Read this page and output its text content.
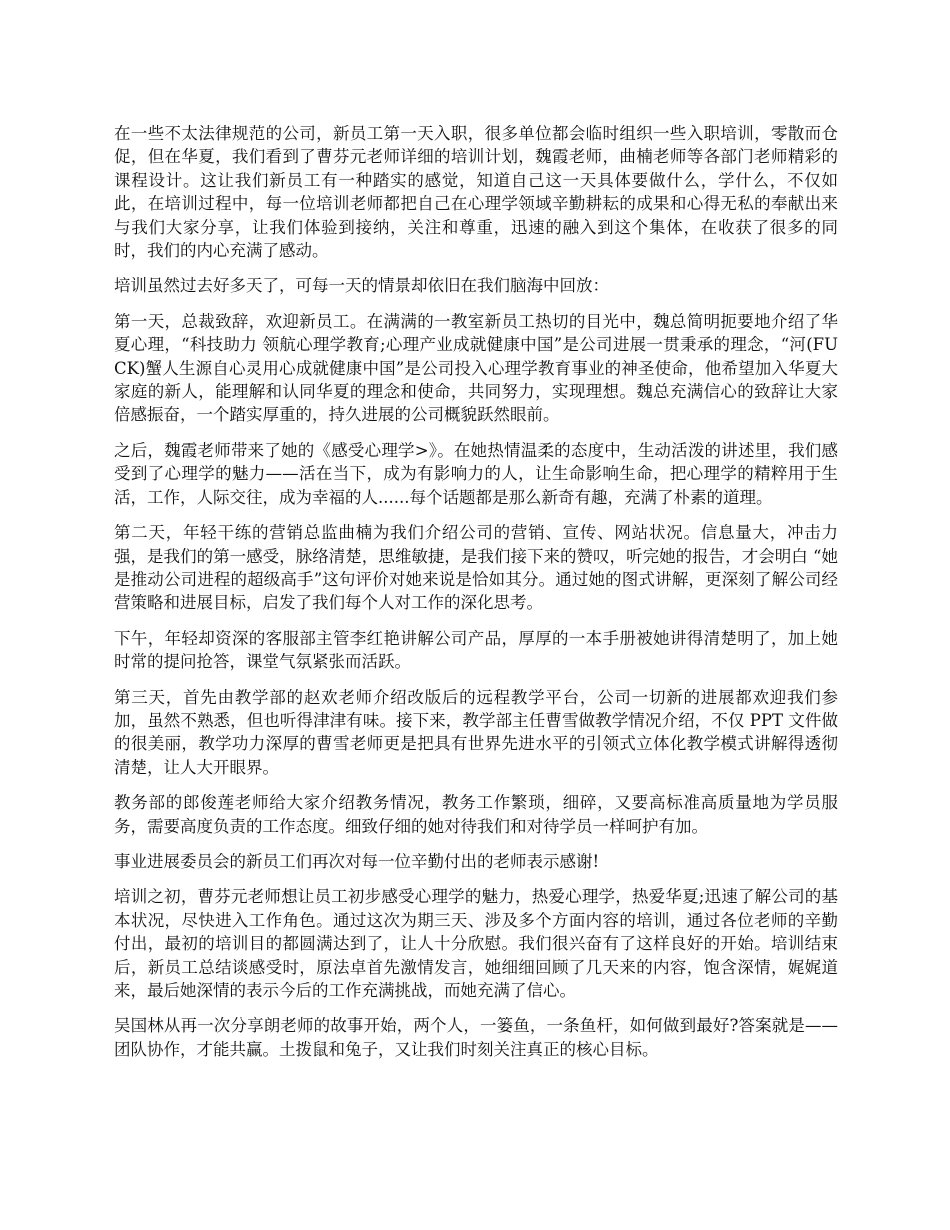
在一些不太法律规范的公司，新员工第一天入职，很多单位都会临时组织一些入职培训，零散而仓促，但在华夏，我们看到了曹芬元老师详细的培训计划，魏霞老师，曲楠老师等各部门老师精彩的课程设计。这让我们新员工有一种踏实的感觉，知道自己这一天具体要做什么，学什么，不仅如此，在培训过程中，每一位培训老师都把自己在心理学领域辛勤耕耘的成果和心得无私的奉献出来与我们大家分享，让我们体验到接纳，关注和尊重，迅速的融入到这个集体，在收获了很多的同时，我们的内心充满了感动。

培训虽然过去好多天了，可每一天的情景却依旧在我们脑海中回放：

第一天，总裁致辞，欢迎新员工。在满满的一教室新员工热切的目光中，魏总简明扼要地介绍了华夏心理，“科技助力 领航心理学教育;心理产业成就健康中国”是公司进展一贯秉承的理念，“河(FUCK)蟹人生源自心灵用心成就健康中国”是公司投入心理学教育事业的神圣使命，他希望加入华夏大家庭的新人，能理解和认同华夏的理念和使命，共同努力，实现理想。魏总充满信心的致辞让大家倍感振奋，一个踏实厚重的，持久进展的公司概貌跃然眼前。

之后，魏霞老师带来了她的《感受心理学>》。在她热情温柔的态度中，生动活泼的讲述里，我们感受到了心理学的魅力——活在当下，成为有影响力的人，让生命影响生命，把心理学的精粹用于生活，工作，人际交往，成为幸福的人......每个话题都是那么新奇有趣，充满了朴素的道理。

第二天，年轻干练的营销总监曲楠为我们介绍公司的营销、宣传、网站状况。信息量大，冲击力强，是我们的第一感受，脉络清楚，思维敏捷，是我们接下来的赞叹，听完她的报告，才会明白 “她是推动公司进程的超级高手”这句评价对她来说是恰如其分。通过她的图式讲解，更深刻了解公司经营策略和进展目标，启发了我们每个人对工作的深化思考。

下午，年轻却资深的客服部主管李红艳讲解公司产品，厚厚的一本手册被她讲得清楚明了，加上她时常的提问抢答，课堂气氛紧张而活跃。

第三天，首先由教学部的赵欢老师介绍改版后的远程教学平台，公司一切新的进展都欢迎我们参加，虽然不熟悉，但也听得津津有味。接下来，教学部主任曹雪做教学情况介绍，不仅 PPT 文件做的很美丽，教学功力深厚的曹雪老师更是把具有世界先进水平的引领式立体化教学模式讲解得透彻清楚，让人大开眼界。

教务部的郎俊莲老师给大家介绍教务情况，教务工作繁琐，细碎，又要高标准高质量地为学员服务，需要高度负责的工作态度。细致仔细的她对待我们和对待学员一样呵护有加。

事业进展委员会的新员工们再次对每一位辛勤付出的老师表示感谢!

培训之初，曹芬元老师想让员工初步感受心理学的魅力，热爱心理学，热爱华夏;迅速了解公司的基本状况，尽快进入工作角色。通过这次为期三天、涉及多个方面内容的培训，通过各位老师的辛勤付出，最初的培训目的都圆满达到了，让人十分欣慰。我们很兴奋有了这样良好的开始。培训结束后，新员工总结谈感受时，原法卓首先激情发言，她细细回顾了几天来的内容，饱含深情，娓娓道来，最后她深情的表示今后的工作充满挑战，而她充满了信心。

吴国林从再一次分享朗老师的故事开始，两个人，一篓鱼，一条鱼杆，如何做到最好?答案就是——团队协作，才能共赢。土拨鼠和兔子，又让我们时刻关注真正的核心目标。
